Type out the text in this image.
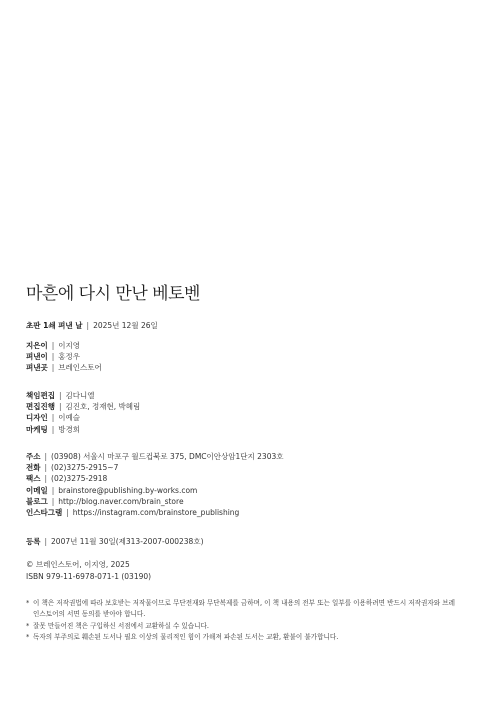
마흔에 다시 만난 베토벤
초판 1쇄 펴낸 날 | 2025년 12월 26일
지은이 | 이지영
펴낸이 | 홍정우
펴낸곳 | 브레인스토어
책임편집 | 김다니엘
편집진행 | 김진호, 정재현, 박혜림
디자인 | 이예슬
마케팅 | 방경희
주소 | (03908) 서울시 마포구 월드컵북로 375, DMC이안상암1단지 2303호
전화 | (02)3275-2915~7
팩스 | (02)3275-2918
이메일 | brainstore@publishing.by-works.com
블로그 | http://blog.naver.com/brain_store
인스타그램 | https://instagram.com/brainstore_publishing
등록 | 2007년 11월 30일(제313-2007-000238호)
© 브레인스토어, 이지영, 2025
ISBN 979-11-6978-071-1 (03190)
* 이 책은 저작권법에 따라 보호받는 저작물이므로 무단전재와 무단복제를 금하며, 이 책 내용의 전부 또는 일부를 이용하려면 반드시 저작권자와 브레인스토어의 서면 동의를 받아야 합니다.
* 잘못 만들어진 책은 구입하신 서점에서 교환하실 수 있습니다.
* 독자의 부주의로 훼손된 도서나 필요 이상의 물리적인 힘이 가해져 파손된 도서는 교환, 환불이 불가합니다.
